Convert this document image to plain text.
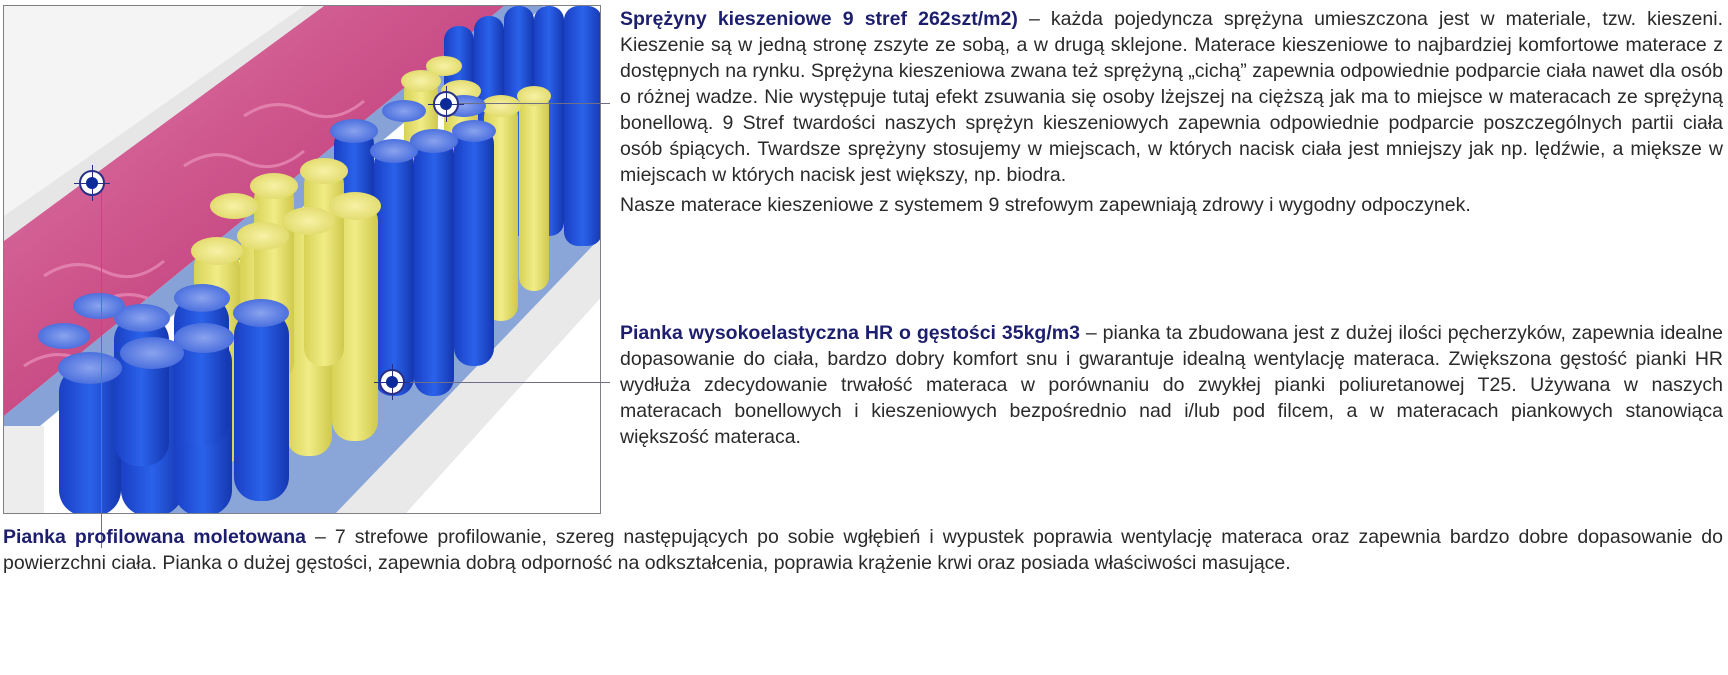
Sprężyny kieszeniowe 9 stref 262szt/m2) – każda pojedyncza sprężyna umieszczona jest w materiale, tzw. kieszeni. Kieszenie są w jedną stronę zszyte ze sobą, a w drugą sklejone. Materace kieszeniowe to najbardziej komfortowe materace z dostępnych na rynku. Sprężyna kieszeniowa zwana też sprężyną „cichą” zapewnia odpowiednie podparcie ciała nawet dla osób o różnej wadze. Nie występuje tutaj efekt zsuwania się osoby lżejszej na cięższą jak ma to miejsce w materacach ze sprężyną bonellową. 9 Stref twardości naszych sprężyn kieszeniowych zapewnia odpowiednie podparcie poszczególnych partii ciała osób śpiących. Twardsze sprężyny stosujemy w miejscach, w których nacisk ciała jest mniejszy jak np. lędźwie, a miększe w miejscach w których nacisk jest większy, np. biodra.

Nasze materace kieszeniowe z systemem 9 strefowym zapewniają zdrowy i wygodny odpoczynek.

Pianka wysokoelastyczna HR o gęstości 35kg/m3 – pianka ta zbudowana jest z dużej ilości pęcherzyków, zapewnia idealne dopasowanie do ciała, bardzo dobry komfort snu i gwarantuje idealną wentylację materaca. Zwiększona gęstość pianki HR wydłuża zdecydowanie trwałość materaca w porównaniu do zwykłej pianki poliuretanowej T25. Używana w naszych materacach bonellowych i kieszeniowych bezpośrednio nad i/lub pod filcem, a w materacach piankowych stanowiąca większość materaca.

Pianka profilowana moletowana – 7 strefowe profilowanie, szereg następujących po sobie wgłębień i wypustek poprawia wentylację materaca oraz zapewnia bardzo dobre dopasowanie do powierzchni ciała. Pianka o dużej gęstości, zapewnia dobrą odporność na odkształcenia, poprawia krążenie krwi oraz posiada właściwości masujące.
